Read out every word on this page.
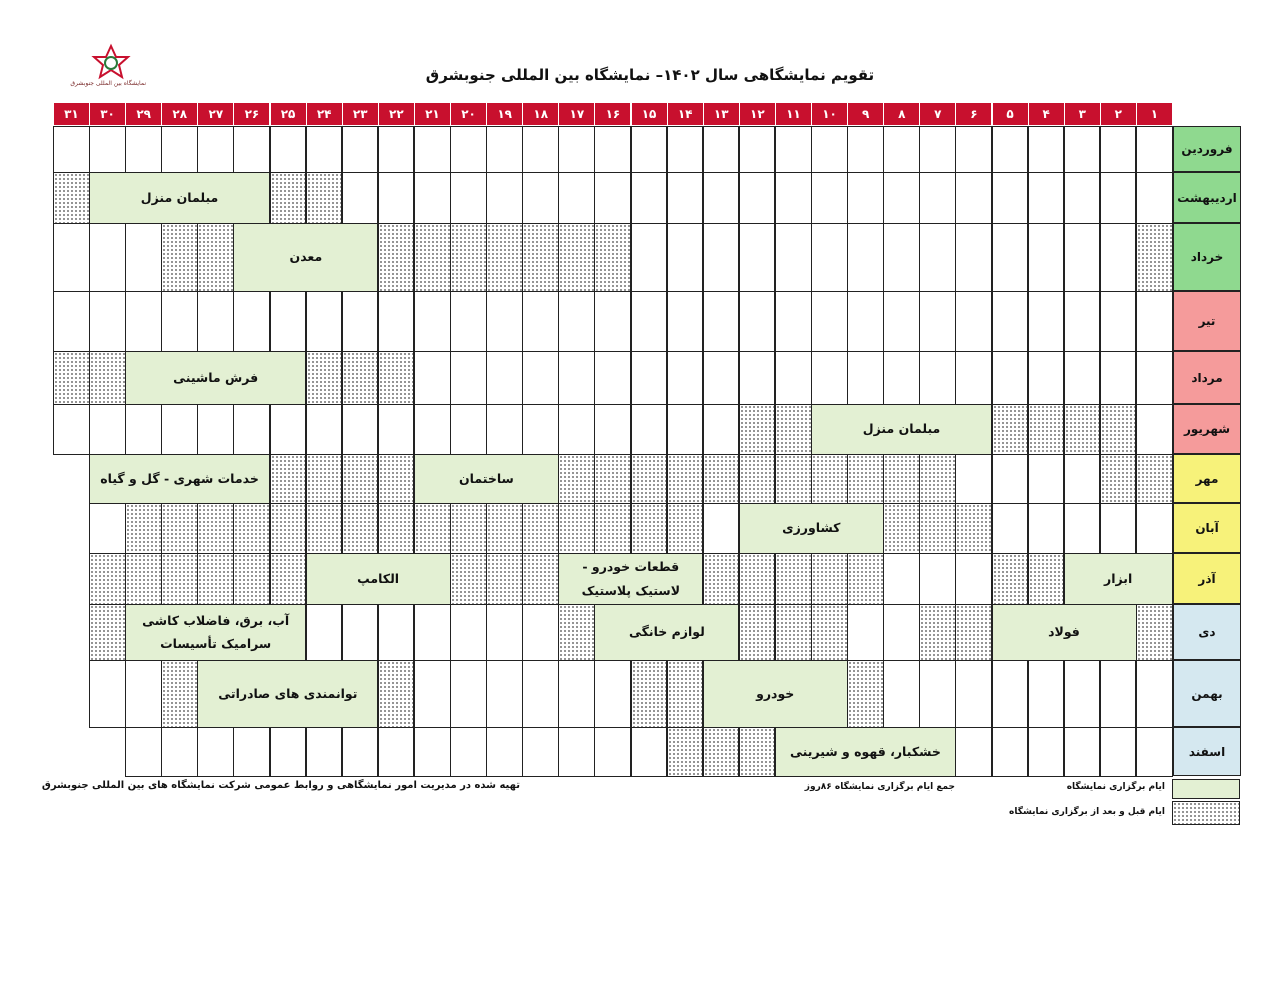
نمایشگاه بین المللی جنوبشرق	تقویم نمایشگاهی سال ۱۴۰۲– نمایشگاه بین المللی جنوبشرق
۱
۲
۳
۴
۵
۶
۷
۸
۹
۱۰
۱۱
۱۲
۱۳
۱۴
۱۵
۱۶
۱۷
۱۸
۱۹
۲۰
۲۱
۲۲
۲۳
۲۴
۲۵
۲۶
۲۷
۲۸
۲۹
۳۰
۳۱
فروردین
اردیبهشت
مبلمان منزل
خرداد
معدن
تیر
مرداد
فرش ماشینی
شهریور
مبلمان منزل
مهر
ساختمان
خدمات شهری - گل و گیاه
آبان
کشاورزی
آذر
ابزار
قطعات خودرو - لاستیک پلاستیک
الکامپ
دی
فولاد
لوازم خانگی
آب، برق، فاضلاب کاشی سرامیک تأسیسات
بهمن
خودرو
توانمندی های صادراتی
اسفند
خشکبار، قهوه و شیرینی
ایام برگزاری نمایشگاه
ایام قبل و بعد از برگزاری نمایشگاه
جمع ایام برگزاری نمایشگاه ۸۶روز
تهیه شده در مدیریت امور نمایشگاهی و روابط عمومی شرکت نمایشگاه های بین المللی جنوبشرق
